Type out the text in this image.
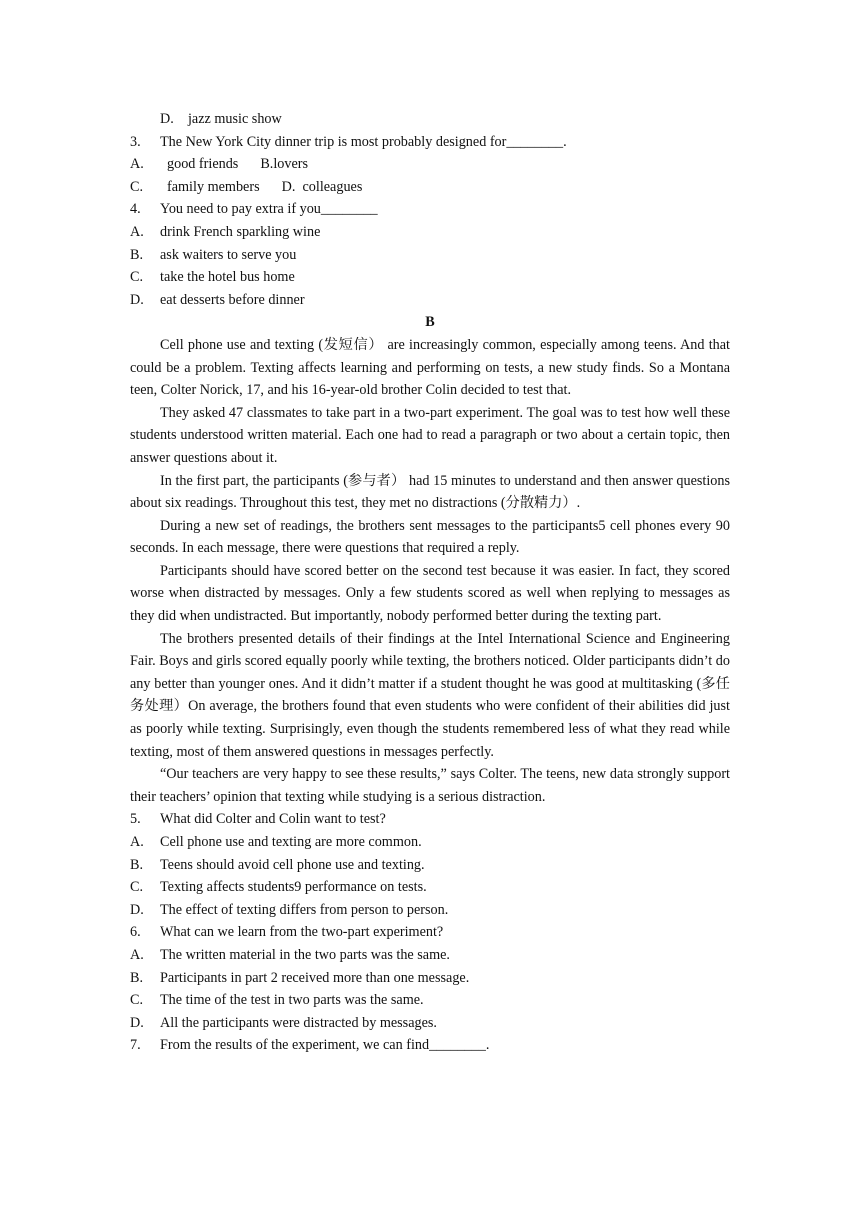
D. jazz music show
3.	The New York City dinner trip is most probably designed for________.
A.	good friends B. lovers
C.	family members D.
colleagues
4.	You need to pay extra if you________
A.	drink French sparkling wine
B.	ask waiters to serve you
C.	take the hotel bus home
D.	eat desserts before dinner
B
Cell phone use and texting (发短信） are increasingly common, especially among teens. And that could be a problem. Texting affects learning and performing on tests, a new study finds. So a Montana teen, Colter Norick, 17, and his 16-year-old brother Colin decided to test that.
They asked 47 classmates to take part in a two-part experiment. The goal was to test how well these students understood written material. Each one had to read a paragraph or two about a certain topic, then answer questions about it.
In the first part, the participants (参与者） had 15 minutes to understand and then answer questions about six readings. Throughout this test, they met no distractions (分散精力）.
During a new set of readings, the brothers sent messages to the participants5 cell phones every 90 seconds. In each message, there were questions that required a reply.
Participants should have scored better on the second test because it was easier. In fact, they scored worse when distracted by messages. Only a few students scored as well when replying to messages as they did when undistracted. But importantly, nobody performed better during the texting part.
The brothers presented details of their findings at the Intel International Science and Engineering Fair. Boys and girls scored equally poorly while texting, the brothers noticed. Older participants didn’t do any better than younger ones. And it didn’t matter if a student thought he was good at multitasking (多任务处理）On average, the brothers found that even students who were confident of their abilities did just as poorly while texting. Surprisingly, even though the students remembered less of what they read while texting, most of them answered questions in messages perfectly.
“Our teachers are very happy to see these results,” says Colter. The teens, new data strongly support their teachers’ opinion that texting while studying is a serious distraction.
5.	What did Colter and Colin want to test?
A.	Cell phone use and texting are more common.
B.	Teens should avoid cell phone use and texting.
C.	Texting affects students9 performance on tests.
D.	The effect of texting differs from person to person.
6.	What can we learn from the two-part experiment?
A.	The written material in the two parts was the same.
B.	Participants in part 2 received more than one message.
C.	The time of the test in two parts was the same.
D.	All the participants were distracted by messages.
7.	From the results of the experiment, we can find________.
